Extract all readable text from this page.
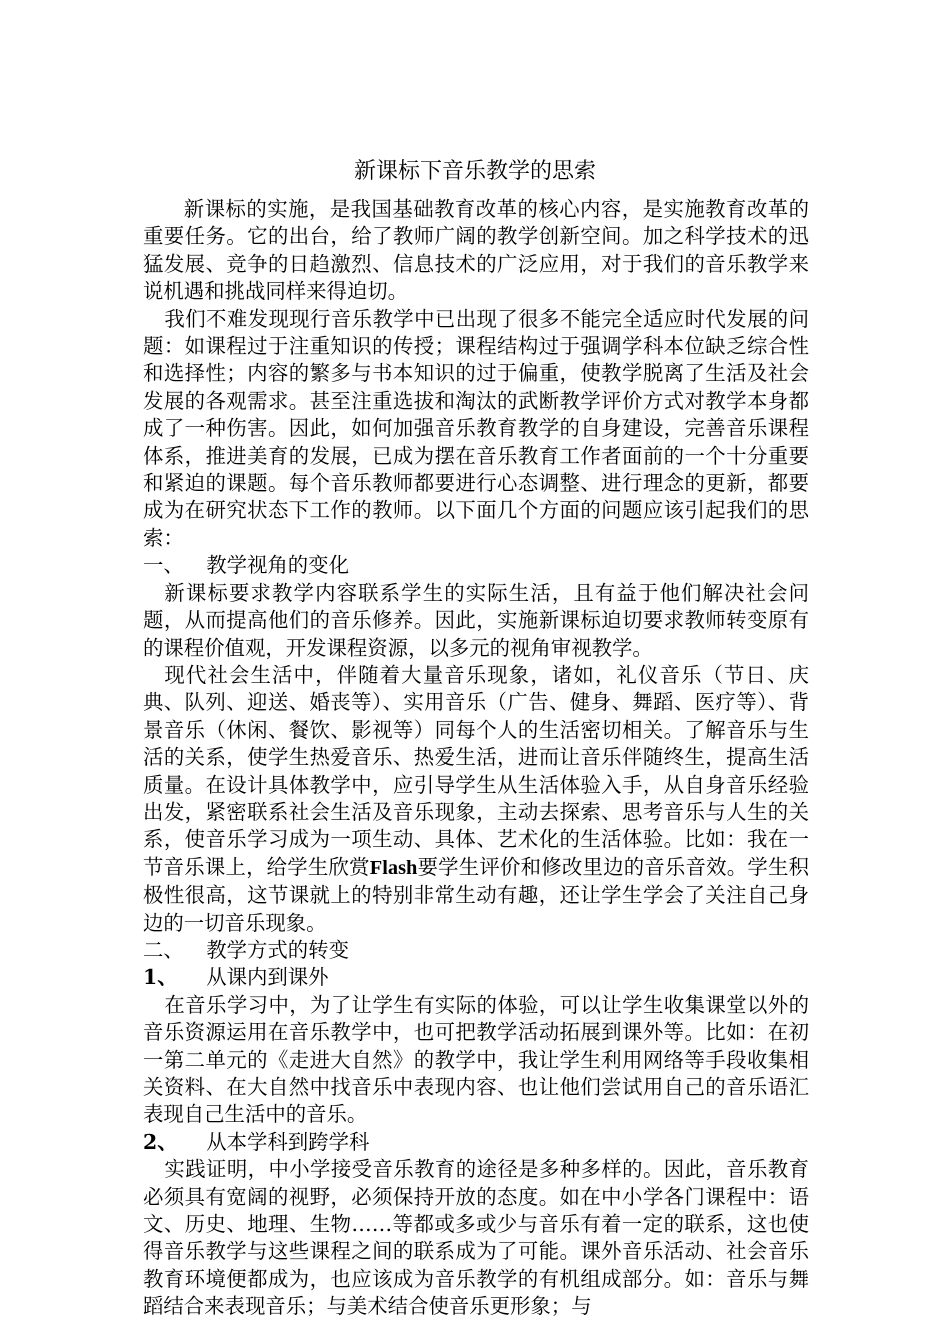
新课标下音乐教学的思索

新课标的实施，是我国基础教育改革的核心内容，是实施教育改革的重要任务。它的出台，给了教师广阔的教学创新空间。加之科学技术的迅猛发展、竞争的日趋激烈、信息技术的广泛应用，对于我们的音乐教学来说机遇和挑战同样来得迫切。

我们不难发现现行音乐教学中已出现了很多不能完全适应时代发展的问题：如课程过于注重知识的传授；课程结构过于强调学科本位缺乏综合性和选择性；内容的繁多与书本知识的过于偏重，使教学脱离了生活及社会发展的各观需求。甚至注重选拔和淘汰的武断教学评价方式对教学本身都成了一种伤害。因此，如何加强音乐教育教学的自身建设，完善音乐课程体系，推进美育的发展，已成为摆在音乐教育工作者面前的一个十分重要和紧迫的课题。每个音乐教师都要进行心态调整、进行理念的更新，都要成为在研究状态下工作的教师。以下面几个方面的问题应该引起我们的思索：

一、 教学视角的变化

新课标要求教学内容联系学生的实际生活，且有益于他们解决社会问题，从而提高他们的音乐修养。因此，实施新课标迫切要求教师转变原有的课程价值观，开发课程资源，以多元的视角审视教学。

现代社会生活中，伴随着大量音乐现象，诸如，礼仪音乐（节日、庆典、队列、迎送、婚丧等）、实用音乐（广告、健身、舞蹈、医疗等）、背景音乐（休闲、餐饮、影视等）同每个人的生活密切相关。了解音乐与生活的关系，使学生热爱音乐、热爱生活，进而让音乐伴随终生，提高生活质量。在设计具体教学中，应引导学生从生活体验入手，从自身音乐经验出发，紧密联系社会生活及音乐现象，主动去探索、思考音乐与人生的关系，使音乐学习成为一项生动、具体、艺术化的生活体验。比如：我在一节音乐课上，给学生欣赏Flash要学生评价和修改里边的音乐音效。学生积极性很高，这节课就上的特别非常生动有趣，还让学生学会了关注自己身边的一切音乐现象。

二、 教学方式的转变

1、 从课内到课外

在音乐学习中，为了让学生有实际的体验，可以让学生收集课堂以外的音乐资源运用在音乐教学中，也可把教学活动拓展到课外等。比如：在初一第二单元的《走进大自然》的教学中，我让学生利用网络等手段收集相关资料、在大自然中找音乐中表现内容、也让他们尝试用自己的音乐语汇表现自己生活中的音乐。

2、 从本学科到跨学科

实践证明，中小学接受音乐教育的途径是多种多样的。因此，音乐教育必须具有宽阔的视野，必须保持开放的态度。如在中小学各门课程中：语文、历史、地理、生物……等都或多或少与音乐有着一定的联系，这也使得音乐教学与这些课程之间的联系成为了可能。课外音乐活动、社会音乐教育环境便都成为，也应该成为音乐教学的有机组成部分。如：音乐与舞蹈结合来表现音乐；与美术结合使音乐更形象；与
